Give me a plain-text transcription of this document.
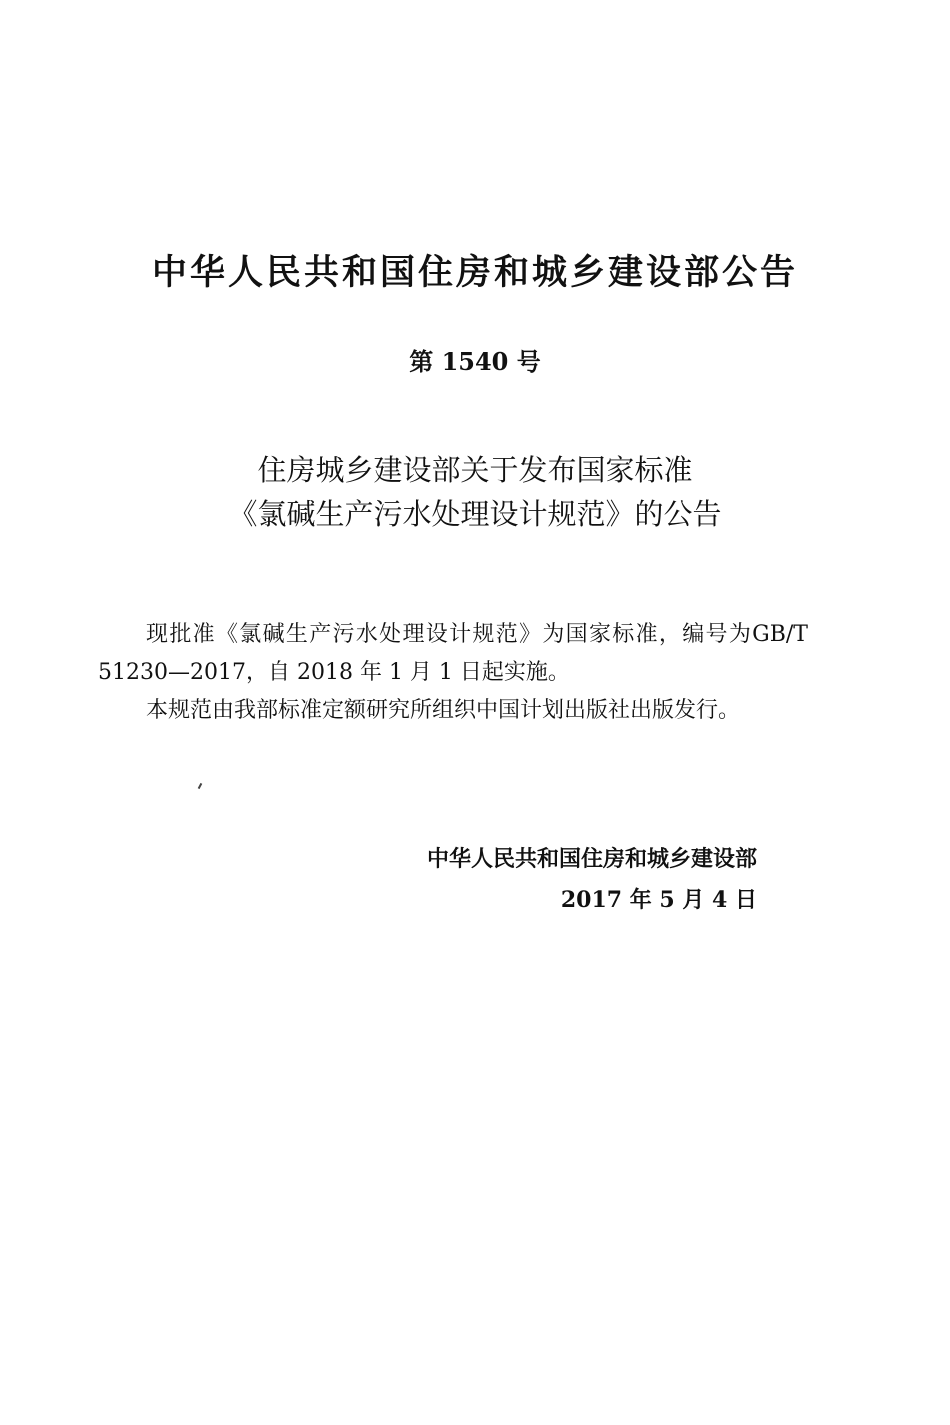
中华人民共和国住房和城乡建设部公告
第 1540 号
住房城乡建设部关于发布国家标准
《氯碱生产污水处理设计规范》的公告

现批准《氯碱生产污水处理设计规范》为国家标准，编号为GB/T 51230—2017，自 2018 年 1 月 1 日起实施。

本规范由我部标准定额研究所组织中国计划出版社出版发行。

中华人民共和国住房和城乡建设部
2017 年 5 月 4 日
